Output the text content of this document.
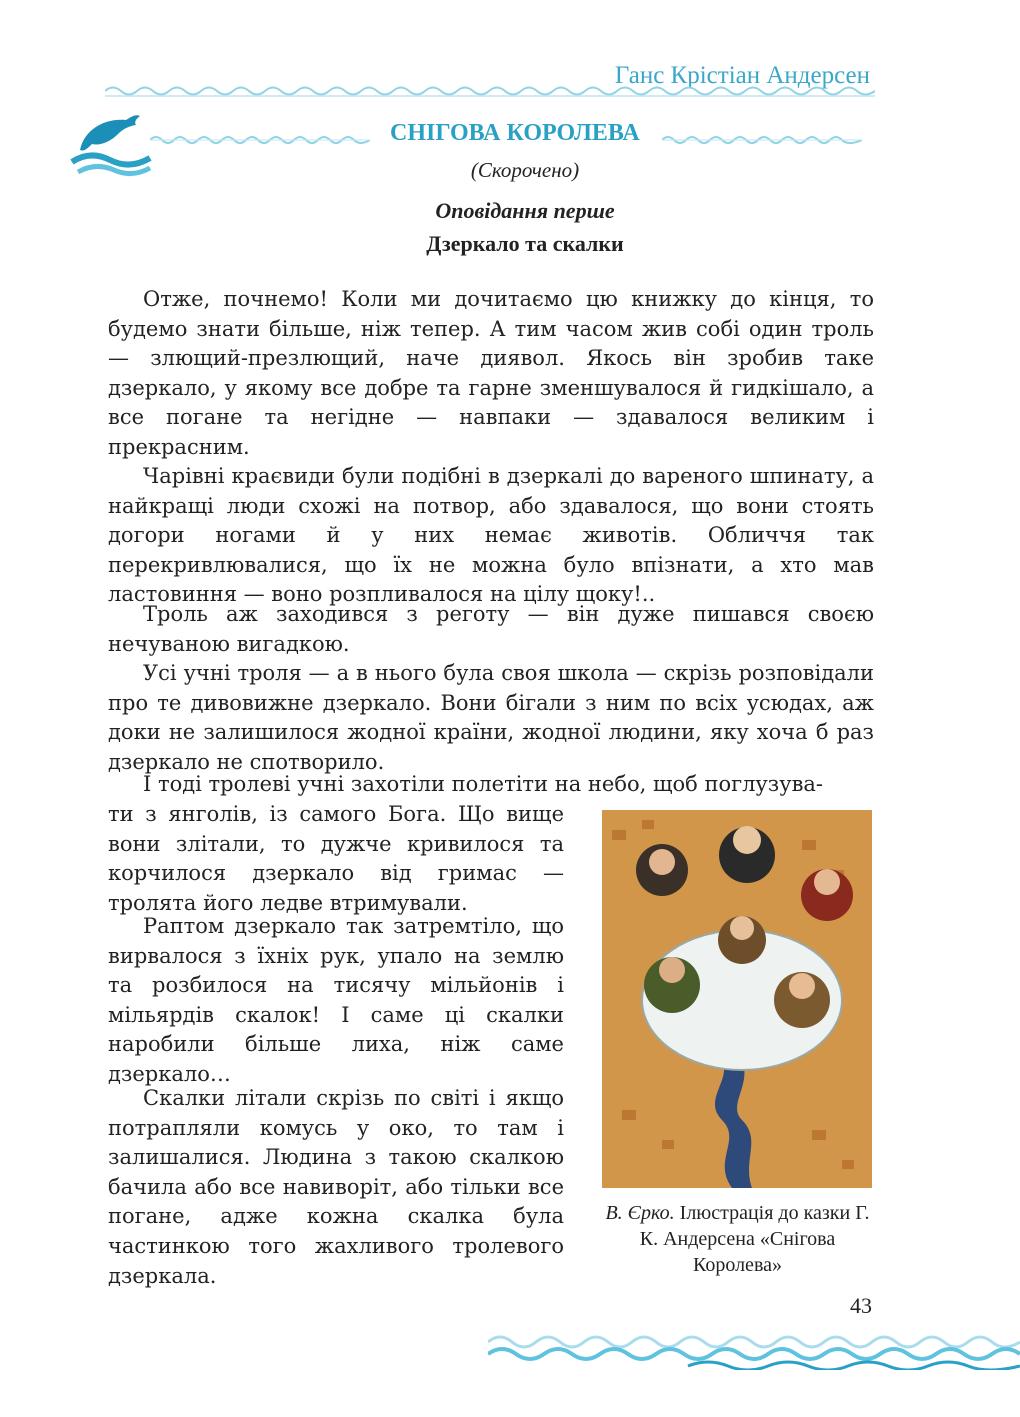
Ганс Крістіан Андерсен
СНІГОВА КОРОЛЕВА
(Скорочено)
Оповідання перше
Дзеркало та скалки

Отже, почнемо! Коли ми дочитаємо цю книжку до кінця, то будемо знати більше, ніж тепер. А тим часом жив собі один троль — злющий-презлющий, наче диявол. Якось він зробив таке дзеркало, у якому все добре та гарне зменшувалося й гидкішало, а все погане та негідне — навпаки — здавалося великим і прекрасним.

Чарівні краєвиди були подібні в дзеркалі до вареного шпинату, а найкращі люди схожі на потвор, або здавалося, що вони стоять догори ногами й у них немає животів. Обличчя так перекривлювалися, що їх не можна було впізнати, а хто мав ластовиння — воно розпливалося на цілу щоку!..

Троль аж заходився з реготу — він дуже пишався своєю нечуваною вигадкою.

Усі учні троля — а в нього була своя школа — скрізь розповідали про те дивовижне дзеркало. Вони бігали з ним по всіх усюдах, аж доки не залишилося жодної країни, жодної людини, яку хоча б раз дзеркало не спотворило.

І тоді тролеві учні захотіли полетіти на небо, щоб поглузува-

ти з янголів, із самого Бога. Що вище вони злітали, то дужче кривилося та корчилося дзеркало від гримас — тролята його ледве втримували.

Раптом дзеркало так затремтіло, що вирвалося з їхніх рук, упало на землю та розбилося на тисячу мільйонів і мільярдів скалок! І саме ці скалки наробили більше лиха, ніж саме дзеркало…

Скалки літали скрізь по світі і якщо потрапляли комусь у око, то там і залишалися. Людина з такою скалкою бачила або все навиворіт, або тільки все погане, адже кожна скалка була частинкою того жахливого тролевого дзеркала.

В. Єрко. Ілюстрація до казки Г. К. Андерсена «Снігова Королева»
43
